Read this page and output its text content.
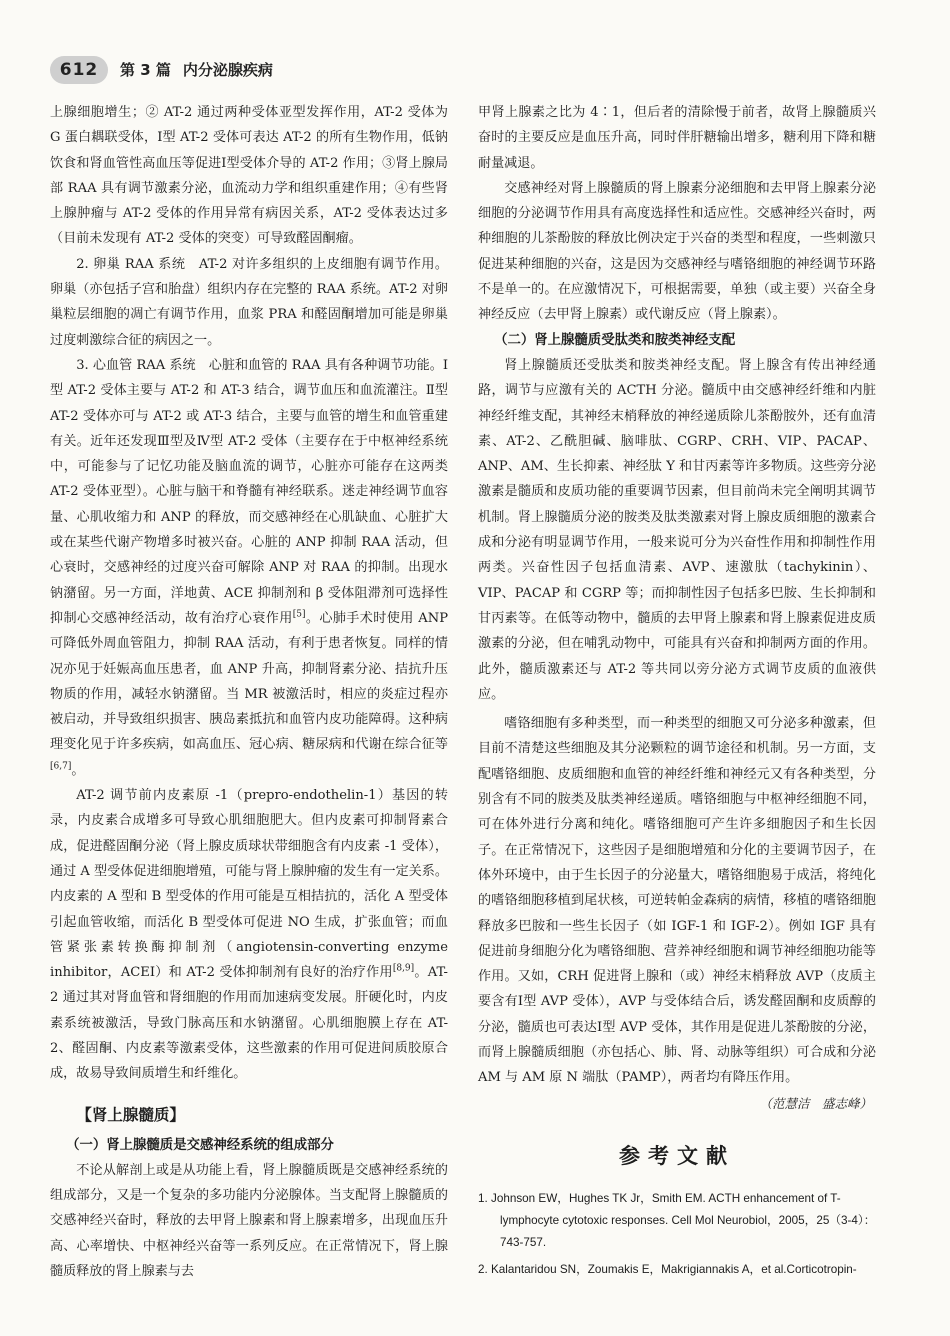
612	第 3 篇 内分泌腺疾病

上腺细胞增生；② AT-2 通过两种受体亚型发挥作用，AT-2 受体为 G 蛋白耦联受体，Ⅰ型 AT-2 受体可表达 AT-2 的所有生物作用，低钠饮食和肾血管性高血压等促进Ⅰ型受体介导的 AT-2 作用；③肾上腺局部 RAA 具有调节激素分泌，血流动力学和组织重建作用；④有些肾上腺肿瘤与 AT-2 受体的作用异常有病因关系，AT-2 受体表达过多（目前未发现有 AT-2 受体的突变）可导致醛固酮瘤。

2. 卵巢 RAA 系统　AT-2 对许多组织的上皮细胞有调节作用。卵巢（亦包括子宫和胎盘）组织内存在完整的 RAA 系统。AT-2 对卵巢粒层细胞的凋亡有调节作用，血浆 PRA 和醛固酮增加可能是卵巢过度刺激综合征的病因之一。

3. 心血管 RAA 系统　心脏和血管的 RAA 具有各种调节功能。Ⅰ型 AT-2 受体主要与 AT-2 和 AT-3 结合，调节血压和血流灌注。Ⅱ型 AT-2 受体亦可与 AT-2 或 AT-3 结合，主要与血管的增生和血管重建有关。近年还发现Ⅲ型及Ⅳ型 AT-2 受体（主要存在于中枢神经系统中，可能参与了记忆功能及脑血流的调节，心脏亦可能存在这两类 AT-2 受体亚型）。心脏与脑干和脊髓有神经联系。迷走神经调节血容量、心肌收缩力和 ANP 的释放，而交感神经在心肌缺血、心脏扩大或在某些代谢产物增多时被兴奋。心脏的 ANP 抑制 RAA 活动，但心衰时，交感神经的过度兴奋可解除 ANP 对 RAA 的抑制。出现水钠潴留。另一方面，洋地黄、ACE 抑制剂和 β 受体阻滞剂可选择性抑制心交感神经活动，故有治疗心衰作用[5]。心肺手术时使用 ANP 可降低外周血管阻力，抑制 RAA 活动，有利于患者恢复。同样的情况亦见于妊娠高血压患者，血 ANP 升高，抑制肾素分泌、拮抗升压物质的作用，减轻水钠潴留。当 MR 被激活时，相应的炎症过程亦被启动，并导致组织损害、胰岛素抵抗和血管内皮功能障碍。这种病理变化见于许多疾病，如高血压、冠心病、糖尿病和代谢在综合征等[6,7]。

AT-2 调节前内皮素原 -1（prepro-endothelin-1）基因的转录，内皮素合成增多可导致心肌细胞肥大。但内皮素可抑制肾素合成，促进醛固酮分泌（肾上腺皮质球状带细胞含有内皮素 -1 受体），通过 A 型受体促进细胞增殖，可能与肾上腺肿瘤的发生有一定关系。内皮素的 A 型和 B 型受体的作用可能是互相拮抗的，活化 A 型受体引起血管收缩，而活化 B 型受体可促进 NO 生成，扩张血管；而血管紧张素转换酶抑制剂（angiotensin-converting enzyme inhibitor，ACEI）和 AT-2 受体抑制剂有良好的治疗作用[8,9]。AT-2 通过其对肾血管和肾细胞的作用而加速病变发展。肝硬化时，内皮素系统被激活，导致门脉高压和水钠潴留。心肌细胞膜上存在 AT-2、醛固酮、内皮素等激素受体，这些激素的作用可促进间质胶原合成，故易导致间质增生和纤维化。

【肾上腺髓质】
（一）肾上腺髓质是交感神经系统的组成部分

不论从解剖上或是从功能上看，肾上腺髓质既是交感神经系统的组成部分，又是一个复杂的多功能内分泌腺体。当支配肾上腺髓质的交感神经兴奋时，释放的去甲肾上腺素和肾上腺素增多，出现血压升高、心率增快、中枢神经兴奋等一系列反应。在正常情况下，肾上腺髓质释放的肾上腺素与去

甲肾上腺素之比为 4∶1，但后者的清除慢于前者，故肾上腺髓质兴奋时的主要反应是血压升高，同时伴肝糖输出增多，糖利用下降和糖耐量减退。

交感神经对肾上腺髓质的肾上腺素分泌细胞和去甲肾上腺素分泌细胞的分泌调节作用具有高度选择性和适应性。交感神经兴奋时，两种细胞的儿茶酚胺的释放比例决定于兴奋的类型和程度，一些刺激只促进某种细胞的兴奋，这是因为交感神经与嗜铬细胞的神经调节环路不是单一的。在应激情况下，可根据需要，单独（或主要）兴奋全身神经反应（去甲肾上腺素）或代谢反应（肾上腺素）。

（二）肾上腺髓质受肽类和胺类神经支配

肾上腺髓质还受肽类和胺类神经支配。肾上腺含有传出神经通路，调节与应激有关的 ACTH 分泌。髓质中由交感神经纤维和内脏神经纤维支配，其神经末梢释放的神经递质除儿茶酚胺外，还有血清素、AT-2、乙酰胆碱、脑啡肽、CGRP、CRH、VIP、PACAP、ANP、AM、生长抑素、神经肽 Y 和甘丙素等许多物质。这些旁分泌激素是髓质和皮质功能的重要调节因素，但目前尚未完全阐明其调节机制。肾上腺髓质分泌的胺类及肽类激素对肾上腺皮质细胞的激素合成和分泌有明显调节作用，一般来说可分为兴奋性作用和抑制性作用两类。兴奋性因子包括血清素、AVP、速激肽（tachykinin）、VIP、PACAP 和 CGRP 等；而抑制性因子包括多巴胺、生长抑制和甘丙素等。在低等动物中，髓质的去甲肾上腺素和肾上腺素促进皮质激素的分泌，但在哺乳动物中，可能具有兴奋和抑制两方面的作用。此外，髓质激素还与 AT-2 等共同以旁分泌方式调节皮质的血液供应。

嗜铬细胞有多种类型，而一种类型的细胞又可分泌多种激素，但目前不清楚这些细胞及其分泌颗粒的调节途径和机制。另一方面，支配嗜铬细胞、皮质细胞和血管的神经纤维和神经元又有各种类型，分别含有不同的胺类及肽类神经递质。嗜铬细胞与中枢神经细胞不同，可在体外进行分离和纯化。嗜铬细胞可产生许多细胞因子和生长因子。在正常情况下，这些因子是细胞增殖和分化的主要调节因子，在体外环境中，由于生长因子的分泌量大，嗜铬细胞易于成活，将纯化的嗜铬细胞移植到尾状核，可逆转帕金森病的病情，移植的嗜铬细胞释放多巴胺和一些生长因子（如 IGF-1 和 IGF-2）。例如 IGF 具有促进前身细胞分化为嗜铬细胞、营养神经细胞和调节神经细胞功能等作用。又如，CRH 促进肾上腺和（或）神经末梢释放 AVP（皮质主要含有Ⅰ型 AVP 受体），AVP 与受体结合后，诱发醛固酮和皮质醇的分泌，髓质也可表达Ⅰ型 AVP 受体，其作用是促进儿茶酚胺的分泌，而肾上腺髓质细胞（亦包括心、肺、肾、动脉等组织）可合成和分泌 AM 与 AM 原 N 端肽（PAMP），两者均有降压作用。

（范慧洁　盛志峰）

参考文献
1. Johnson EW，Hughes TK Jr，Smith EM. ACTH enhancement of T-lymphocyte cytotoxic responses. Cell Mol Neurobiol，2005，25（3-4）：743-757.
2. Kalantaridou SN，Zoumakis E，Makrigiannakis A，et al.Corticotropin-
